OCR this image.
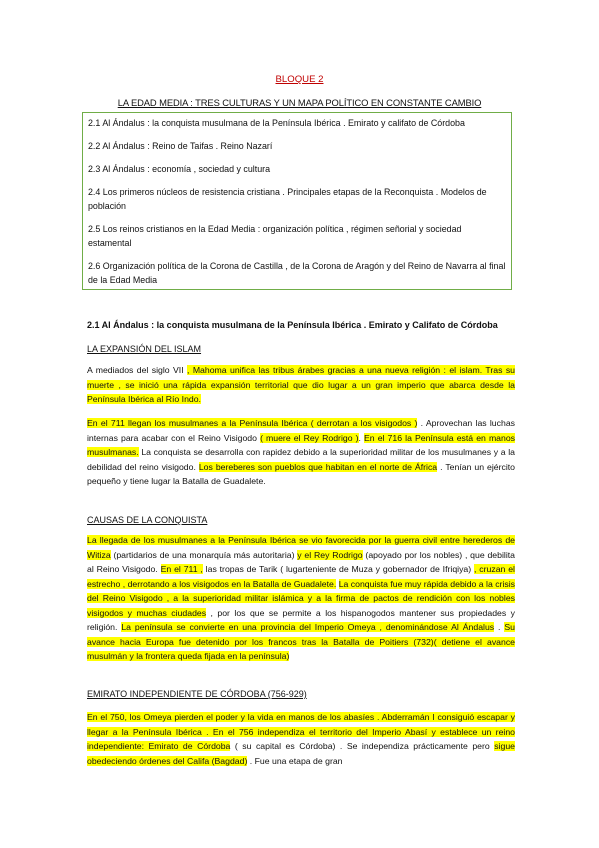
BLOQUE 2
LA EDAD MEDIA : TRES CULTURAS Y UN MAPA POLÍTICO EN CONSTANTE CAMBIO
2.1 Al Ándalus : la conquista musulmana de la Península Ibérica . Emirato y califato de Córdoba
2.2 Al Ándalus : Reino de Taifas . Reino Nazarí
2.3 Al Ándalus : economía , sociedad y cultura
2.4 Los primeros núcleos de resistencia cristiana . Principales etapas de la Reconquista . Modelos de población
2.5 Los reinos cristianos en la Edad Media : organización política , régimen señorial y sociedad estamental
2.6 Organización política de la Corona de Castilla , de la Corona de Aragón y del Reino de Navarra al final de la Edad Media
2.1 Al Ándalus : la conquista musulmana de la Península Ibérica . Emirato y Califato de Córdoba
LA EXPANSIÓN DEL ISLAM
A mediados del siglo VII , Mahoma unifica las tribus árabes gracias a una nueva religión : el islam. Tras su muerte , se inició una rápida expansión territorial que dio lugar a un gran imperio que abarca desde la Península Ibérica al Río Indo.
En el 711 llegan los musulmanes a la Península Ibérica ( derrotan a los visigodos ) . Aprovechan las luchas internas para acabar con el Reino Visigodo ( muere el Rey Rodrigo ). En el 716 la Península está en manos musulmanas. La conquista se desarrolla con rapidez debido a la superioridad militar de los musulmanes y a la debilidad del reino visigodo. Los bereberes son pueblos que habitan en el norte de África . Tenían un ejército pequeño y tiene lugar la Batalla de Guadalete.
CAUSAS DE LA CONQUISTA
La llegada de los musulmanes a la Península Ibérica se vio favorecida por la guerra civil entre herederos de Witiza (partidarios de una monarquía más autoritaria) y el Rey Rodrigo (apoyado por los nobles) , que debilita al Reino Visigodo. En el 711 , las tropas de Tarik ( lugarteniente de Muza y gobernador de Ifriqiya) , cruzan el estrecho , derrotando a los visigodos en la Batalla de Guadalete. La conquista fue muy rápida debido a la crisis del Reino Visigodo , a la superioridad militar islámica y a la firma de pactos de rendición con los nobles visigodos y muchas ciudades , por los que se permite a los hispanogodos mantener sus propiedades y religión. La península se convierte en una provincia del Imperio Omeya , denominándose Al Ándalus . Su avance hacia Europa fue detenido por los francos tras la Batalla de Poitiers (732)( detiene el avance musulmán y la frontera queda fijada en la península)
EMIRATO INDEPENDIENTE DE CÓRDOBA (756-929)
En el 750, los Omeya pierden el poder y la vida en manos de los abasíes . Abderramán I consiguió escapar y llegar a la Península Ibérica . En el 756 independiza el territorio del Imperio Abasí y establece un reino independiente: Emirato de Córdoba ( su capital es Córdoba) . Se independiza prácticamente pero sigue obedeciendo órdenes del Califa (Bagdad) . Fue una etapa de gran
